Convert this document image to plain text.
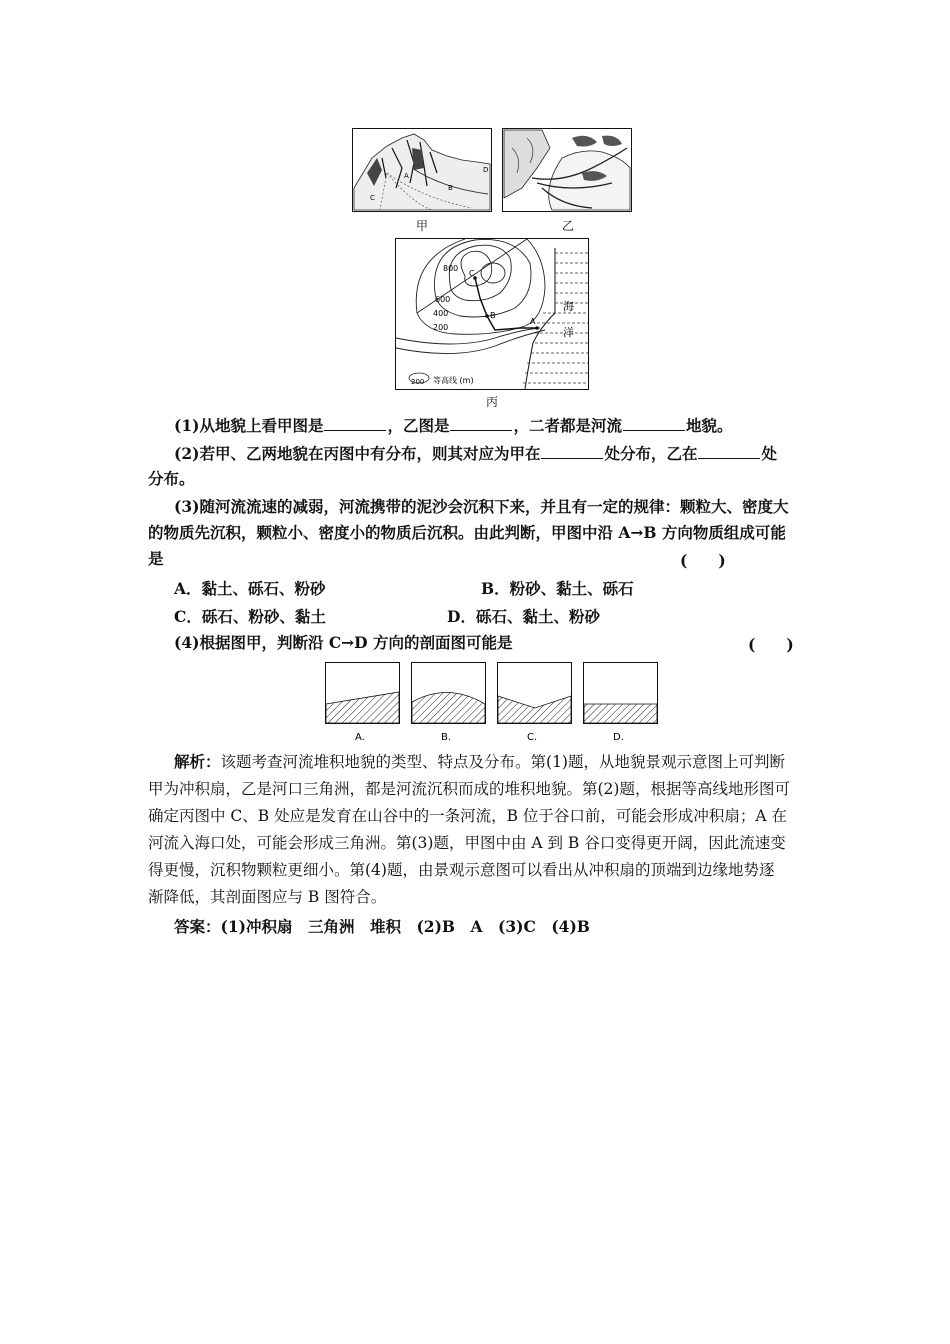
D
C
B
A
甲	乙
800
600
400
200
C
B
A
海
洋
200 等高线 (m)
丙
(1)从地貌上看甲图是	，乙图是	，二者都是河流	地貌。
(2)若甲、乙两地貌在丙图中有分布，则其对应为甲在	处分布，乙在	处
分布。
(3)随河流流速的减弱，河流携带的泥沙会沉积下来，并且有一定的规律：颗粒大、密度大
的物质先沉积，颗粒小、密度小的物质后沉积。由此判断，甲图中沿 A→B 方向物质组成可能
是	(　　)
A．黏土、砾石、粉砂	B．粉砂、黏土、砾石
C．砾石、粉砂、黏土	D．砾石、黏土、粉砂
(4)根据图甲，判断沿 C→D 方向的剖面图可能是	(　　)
A.	B.	C.	D.
解析：该题考查河流堆积地貌的类型、特点及分布。第(1)题，从地貌景观示意图上可判断
甲为冲积扇，乙是河口三角洲，都是河流沉积而成的堆积地貌。第(2)题，根据等高线地形图可
确定丙图中 C、B 处应是发育在山谷中的一条河流，B 位于谷口前，可能会形成冲积扇；A 在
河流入海口处，可能会形成三角洲。第(3)题，甲图中由 A 到 B 谷口变得更开阔，因此流速变
得更慢，沉积物颗粒更细小。第(4)题，由景观示意图可以看出从冲积扇的顶端到边缘地势逐
渐降低，其剖面图应与 B 图符合。
答案：(1)冲积扇　三角洲　堆积　(2)B　A　(3)C　(4)B
